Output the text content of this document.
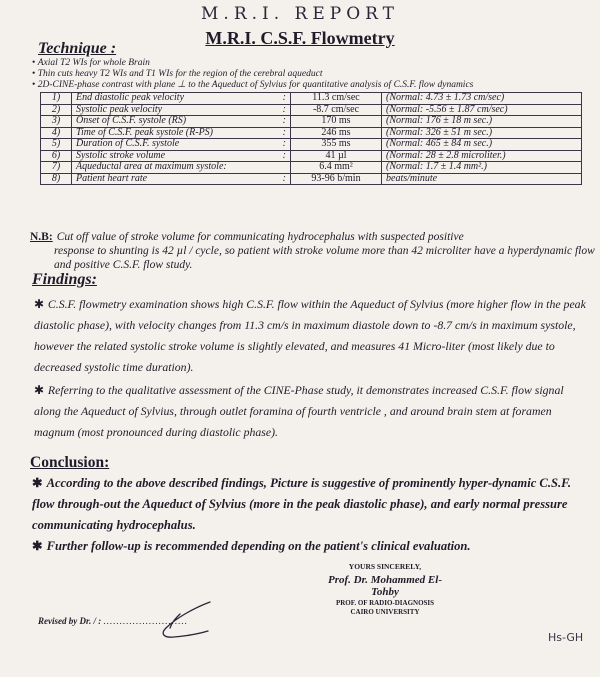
M.R.I. REPORT
M.R.I. C.S.F. Flowmetry
Technique :
• Axial T2 WIs for whole Brain
• Thin cuts heavy T2 WIs and T1 WIs for the region of the cerebral aqueduct
• 2D-CINE-phase contrast with plane ⊥ to the Aqueduct of Sylvius for quantitative analysis of C.S.F. flow dynamics
1)	End diastolic peak velocity :	11.3 cm/sec	(Normal: 4.73 ± 1.73 cm/sec)
2)	Systolic peak velocity :	-8.7 cm/sec	(Normal: -5.56 ± 1.87 cm/sec)
3)	Onset of C.S.F. systole (RS) :	170 ms	(Normal: 176 ± 18 m sec.)
4)	Time of C.S.F. peak systole (R-PS) :	246 ms	(Normal: 326 ± 51 m sec.)
5)	Duration of C.S.F. systole :	355 ms	(Normal: 465 ± 84 m sec.)
6)	Systolic stroke volume :	41 µl	(Normal: 28 ± 2.8 microliter.)
7)	Aqueductal area at maximum systole:	6.4 mm²	(Normal: 1.7 ± 1.4 mm².)
8)	Patient heart rate :	93-96 b/min	beats/minute
N.B: Cut off value of stroke volume for communicating hydrocephalus with suspected positive
response to shunting is 42 µl / cycle, so patient with stroke volume more than 42 microliter have a hyperdynamic flow and positive C.S.F. flow study.
Findings:

✱ C.S.F. flowmetry examination shows high C.S.F. flow within the Aqueduct of Sylvius (more higher flow in the peak diastolic phase), with velocity changes from 11.3 cm/s in maximum diastole down to -8.7 cm/s in maximum systole, however the related systolic stroke volume is slightly elevated, and measures 41 Micro-liter (most likely due to decreased systolic time duration).

✱ Referring to the qualitative assessment of the CINE-Phase study, it demonstrates increased C.S.F. flow signal along the Aqueduct of Sylvius, through outlet foramina of fourth ventricle , and around brain stem at foramen magnum (most pronounced during diastolic phase).

Conclusion:

✱ According to the above described findings, Picture is suggestive of prominently hyper-dynamic C.S.F. flow through-out the Aqueduct of Sylvius (more in the peak diastolic phase), and early normal pressure communicating hydrocephalus.

✱ Further follow-up is recommended depending on the patient's clinical evaluation.

YOURS SINCERELY,
Prof. Dr. Mohammed El-Tohby
PROF. OF RADIO-DIAGNOSIS
CAIRO UNIVERSITY
Revised by Dr. / : ..........................
Hs-GH
